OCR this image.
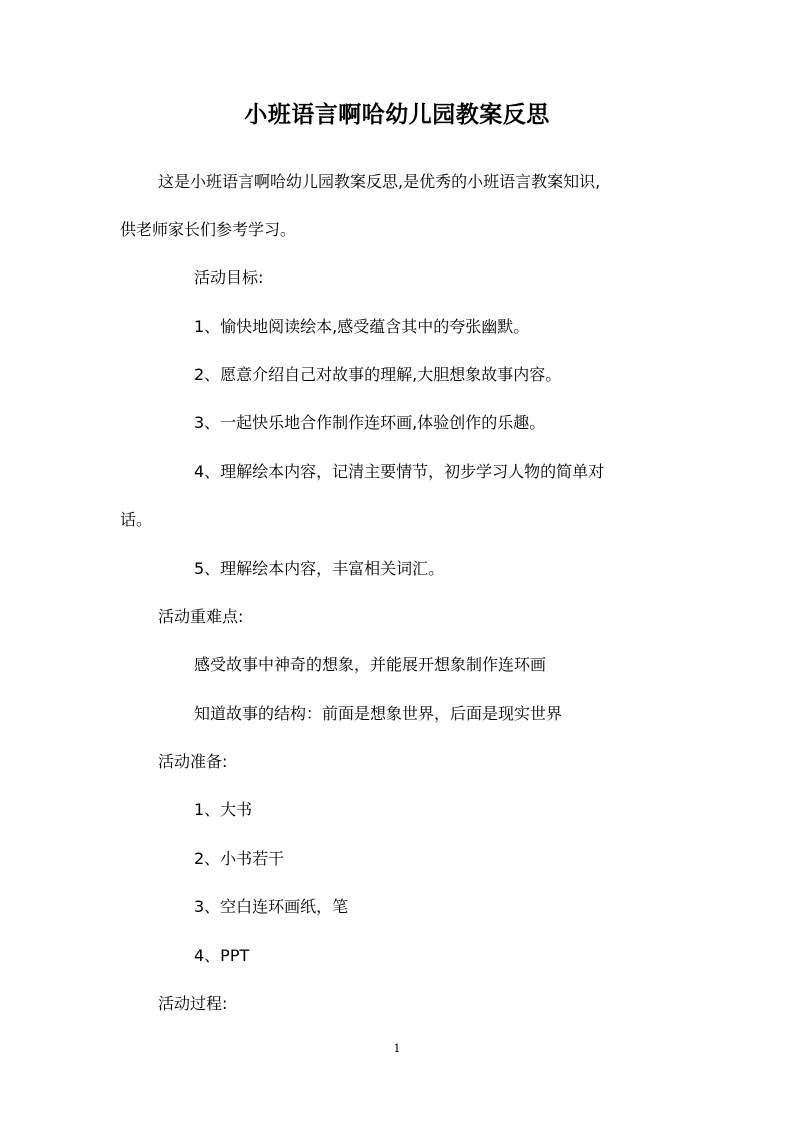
小班语言啊哈幼儿园教案反思
这是小班语言啊哈幼儿园教案反思,是优秀的小班语言教案知识,
供老师家长们参考学习。
活动目标:
1、愉快地阅读绘本,感受蕴含其中的夸张幽默。
2、愿意介绍自己对故事的理解,大胆想象故事内容。
3、一起快乐地合作制作连环画,体验创作的乐趣。
4、理解绘本内容，记清主要情节，初步学习人物的简单对
话。
5、理解绘本内容，丰富相关词汇。
活动重难点:
感受故事中神奇的想象，并能展开想象制作连环画
知道故事的结构：前面是想象世界，后面是现实世界
活动准备:
1、大书
2、小书若干
3、空白连环画纸，笔
4、PPT
活动过程:
1
